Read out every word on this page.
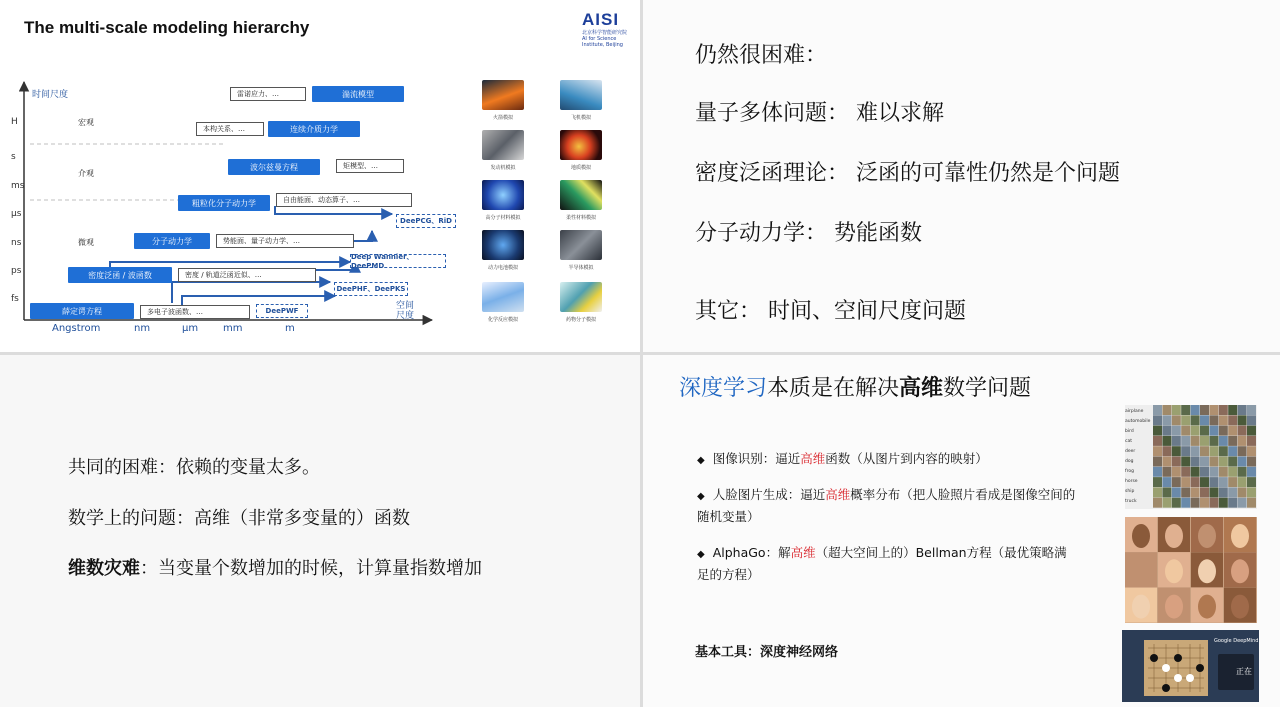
The multi-scale modeling hierarchy	AISI
北京科学智能研究院
AI for Science Institute, Beijing
时间尺度
空间尺度
H
s
ms
μs
ns
ps
fs
Angstrom	nm	μm mm	m
宏观
介观
微观
湍流模型
连续介质力学
波尔兹曼方程
粗粒化分子动力学
分子动力学
密度泛函 / 波函数
薛定谔方程
雷诺应力、…
本构关系、…
矩模型、…
自由能面、动态算子、…
势能面、量子动力学、…
密度 / 轨道泛函近似、…
多电子波函数、…
DeePCG、RiD
Deep Wannier、DeePMD
DeePHF、DeePKS
DeePWF
火箭模拟	飞机模拟
发动机模拟	地质模拟
高分子材料模拟	柔性材料模拟
动力电池模拟	半导体模拟
化学反应模拟	药物分子模拟
仍然很困难：
量子多体问题： 难以求解
密度泛函理论： 泛函的可靠性仍然是个问题
分子动力学： 势能函数
其它： 时间、空间尺度问题
共同的困难：依赖的变量太多。
数学上的问题：高维（非常多变量的）函数
维数灾难：当变量个数增加的时候，计算量指数增加
深度学习本质是在解决高维数学问题
◆ 图像识别：逼近高维函数（从图片到内容的映射）
◆ 人脸图片生成：逼近高维概率分布（把人脸照片看成是图像空间的随机变量）
◆ AlphaGo：解高维（超大空间上的）Bellman方程（最优策略满足的方程）
基本工具：深度神经网络
airplane
automobile
bird
cat
deer
dog
frog
horse
ship
truck
Google DeepMind
正在
